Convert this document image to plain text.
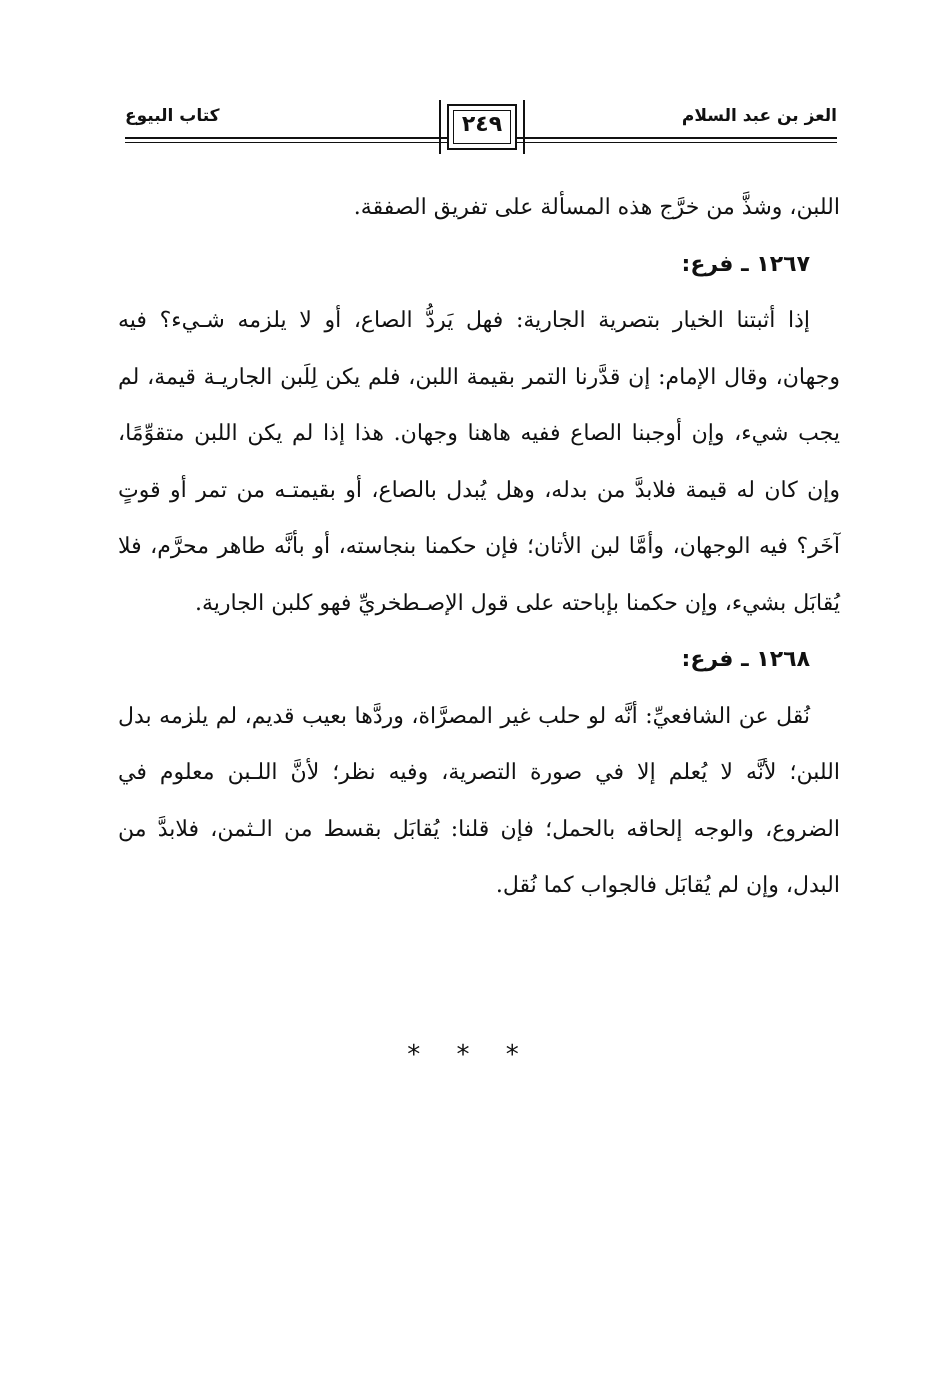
العز بن عبد السلام
كتاب البيوع	٢٤٩

اللبن، وشذَّ من خرَّج هذه المسألة على تفريق الصفقة.

١٢٦٧ ـ فرع:

إذا أثبتنا الخيار بتصرية الجارية: فهل يَردُّ الصاع، أو لا يلزمه شـيء؟ فيه وجهان، وقال الإمام: إن قدَّرنا التمر بقيمة اللبن، فلم يكن لِلَبن الجاريـة قيمة، لم يجب شيء، وإن أوجبنا الصاع ففيه هاهنا وجهان. هذا إذا لم يكن اللبن متقوِّمًا، وإن كان له قيمة فلابدَّ من بدله، وهل يُبدل بالصاع، أو بقيمتـه من تمر أو قوتٍ آخَر؟ فيه الوجهان، وأمَّا لبن الأتان؛ فإن حكمنا بنجاسته، أو بأنَّه طاهر محرَّم، فلا يُقابَل بشيء، وإن حكمنا بإباحته على قول الإصـطخريِّ فهو كلبن الجارية.

١٢٦٨ ـ فرع:

نُقل عن الشافعيِّ: أنَّه لو حلب غير المصرَّاة، وردَّها بعيب قديم، لم يلزمه بدل اللبن؛ لأنَّه لا يُعلم إلا في صورة التصرية، وفيه نظر؛ لأنَّ اللـبن معلوم في الضروع، والوجه إلحاقه بالحمل؛ فإن قلنا: يُقابَل بقسط من الـثمن، فلابدَّ من البدل، وإن لم يُقابَل فالجواب كما نُقل.

* * *
